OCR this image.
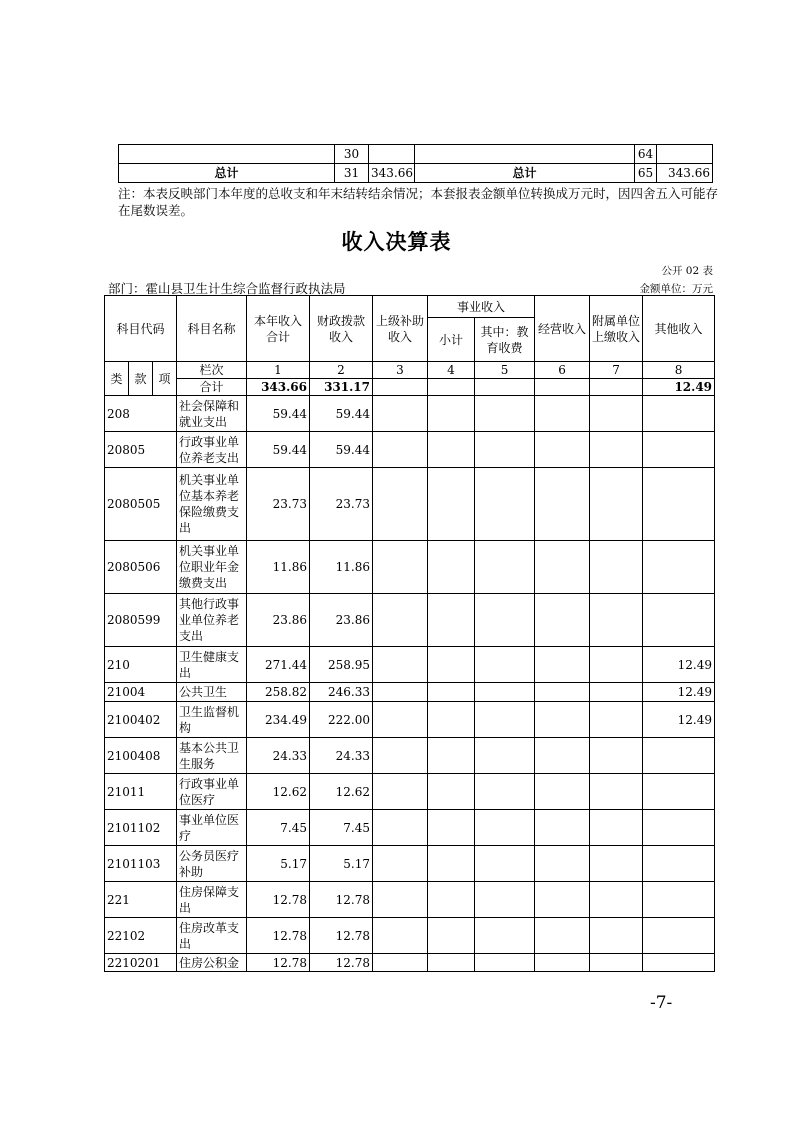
	30			64	
总计	31	343.66	总计	65	343.66
注：本表反映部门本年度的总收支和年末结转结余情况；本套报表金额单位转换成万元时，因四舍五入可能存在尾数误差。
收入决算表
公开 02 表
部门：霍山县卫生计生综合监督行政执法局	金额单位：万元
科目代码			科目名称	本年收入合计	财政拨款收入	上级补助收入	事业收入		经营收入	附属单位上缴收入	其他收入
							小计	其中：教育收费			

类	款	项	栏次	1	2	3	4	5	6	7	8
			合计	343.66	331.17						12.49
208			社会保障和就业支出	59.44	59.44						
20805			行政事业单位养老支出	59.44	59.44						
2080505			机关事业单位基本养老保险缴费支出	23.73	23.73						
2080506			机关事业单位职业年金缴费支出	11.86	11.86						
2080599			其他行政事业单位养老支出	23.86	23.86						
210			卫生健康支出	271.44	258.95						12.49
21004			公共卫生	258.82	246.33						12.49
2100402			卫生监督机构	234.49	222.00						12.49
2100408			基本公共卫生服务	24.33	24.33						
21011			行政事业单位医疗	12.62	12.62						
2101102			事业单位医疗	7.45	7.45						
2101103			公务员医疗补助	5.17	5.17						
221			住房保障支出	12.78	12.78						
22102			住房改革支出	12.78	12.78						
2210201			住房公积金	12.78	12.78						
-7-
